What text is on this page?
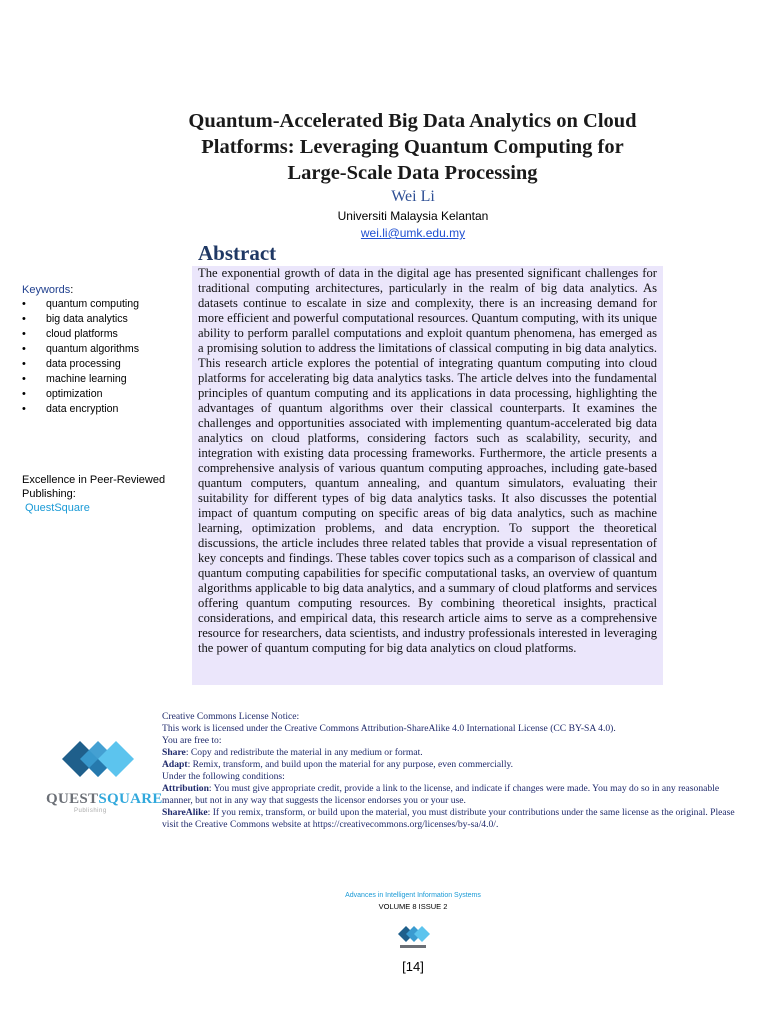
Quantum-Accelerated Big Data Analytics on Cloud Platforms: Leveraging Quantum Computing for Large-Scale Data Processing
Wei Li
Universiti Malaysia Kelantan
wei.li@umk.edu.my
Abstract
The exponential growth of data in the digital age has presented significant challenges for traditional computing architectures, particularly in the realm of big data analytics. As datasets continue to escalate in size and complexity, there is an increasing demand for more efficient and powerful computational resources. Quantum computing, with its unique ability to perform parallel computations and exploit quantum phenomena, has emerged as a promising solution to address the limitations of classical computing in big data analytics. This research article explores the potential of integrating quantum computing into cloud platforms for accelerating big data analytics tasks. The article delves into the fundamental principles of quantum computing and its applications in data processing, highlighting the advantages of quantum algorithms over their classical counterparts. It examines the challenges and opportunities associated with implementing quantum-accelerated big data analytics on cloud platforms, considering factors such as scalability, security, and integration with existing data processing frameworks. Furthermore, the article presents a comprehensive analysis of various quantum computing approaches, including gate-based quantum computers, quantum annealing, and quantum simulators, evaluating their suitability for different types of big data analytics tasks. It also discusses the potential impact of quantum computing on specific areas of big data analytics, such as machine learning, optimization problems, and data encryption. To support the theoretical discussions, the article includes three related tables that provide a visual representation of key concepts and findings. These tables cover topics such as a comparison of classical and quantum computing capabilities for specific computational tasks, an overview of quantum algorithms applicable to big data analytics, and a summary of cloud platforms and services offering quantum computing resources. By combining theoretical insights, practical considerations, and empirical data, this research article aims to serve as a comprehensive resource for researchers, data scientists, and industry professionals interested in leveraging the power of quantum computing for big data analytics on cloud platforms.
Keywords:
• quantum computing
• big data analytics
• cloud platforms
• quantum algorithms
• data processing
• machine learning
• optimization
• data encryption
Excellence in Peer-Reviewed Publishing:
QuestSquare
QUESTSQUARE
Publishing

Creative Commons License Notice:

This work is licensed under the Creative Commons Attribution-ShareAlike 4.0 International License (CC BY-SA 4.0).

You are free to:

Share: Copy and redistribute the material in any medium or format.

Adapt: Remix, transform, and build upon the material for any purpose, even commercially.

Under the following conditions:

Attribution: You must give appropriate credit, provide a link to the license, and indicate if changes were made. You may do so in any reasonable manner, but not in any way that suggests the licensor endorses you or your use.

ShareAlike: If you remix, transform, or build upon the material, you must distribute your contributions under the same license as the original. Please visit the Creative Commons website at https://creativecommons.org/licenses/by-sa/4.0/.

Advances in Intelligent Information Systems
VOLUME 8 ISSUE 2
[14]
